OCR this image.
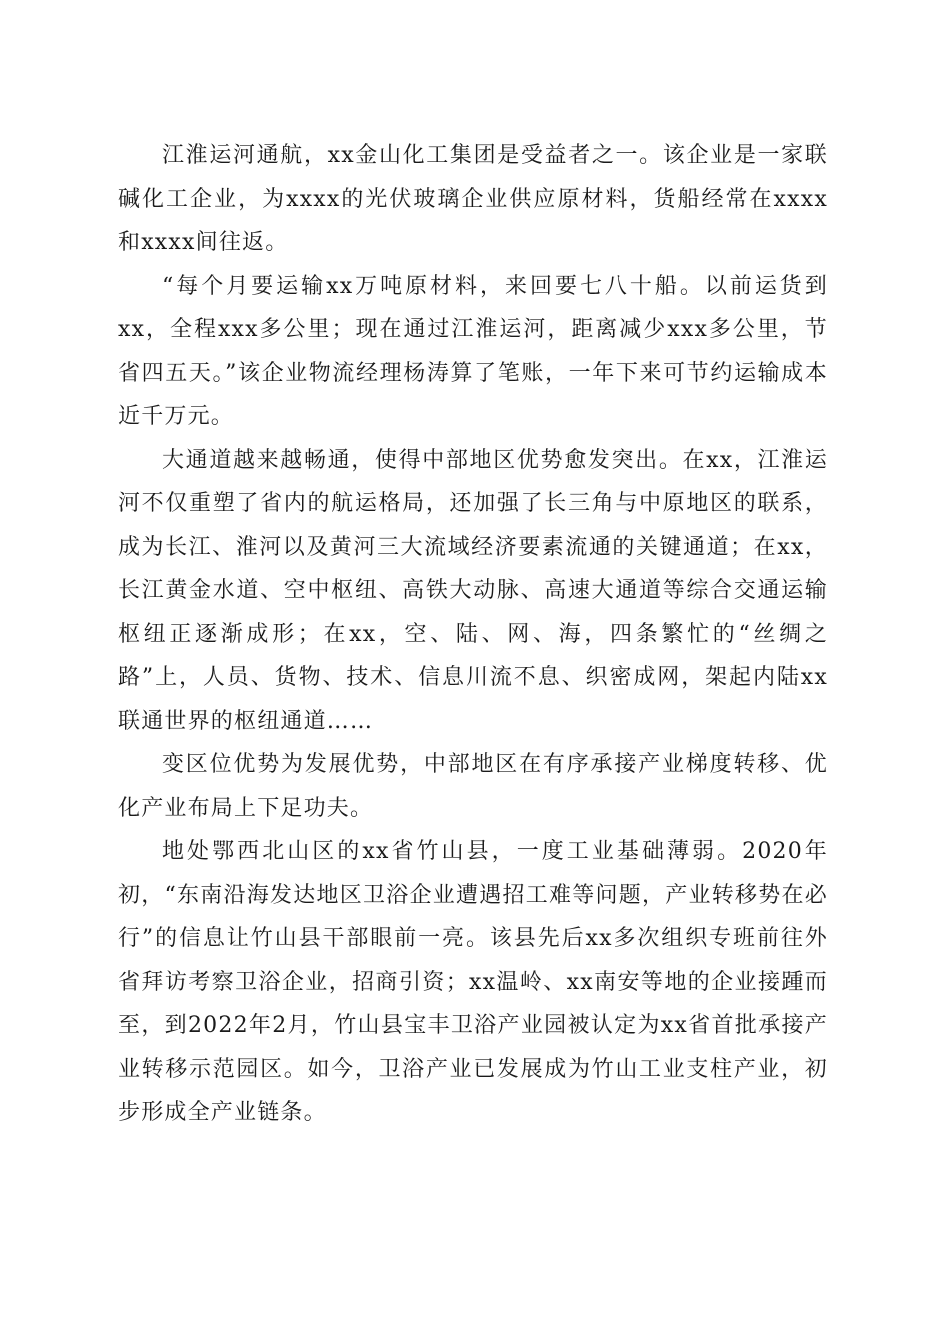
江淮运河通航，xx金山化工集团是受益者之一。该企业是一家联碱化工企业，为xxxx的光伏玻璃企业供应原材料，货船经常在xxxx和xxxx间往返。

“每个月要运输xx万吨原材料，来回要七八十船。以前运货到xx，全程xxx多公里；现在通过江淮运河，距离减少xxx多公里，节省四五天。”该企业物流经理杨涛算了笔账，一年下来可节约运输成本近千万元。

大通道越来越畅通，使得中部地区优势愈发突出。在xx，江淮运河不仅重塑了省内的航运格局，还加强了长三角与中原地区的联系，成为长江、淮河以及黄河三大流域经济要素流通的关键通道；在xx，长江黄金水道、空中枢纽、高铁大动脉、高速大通道等综合交通运输枢纽正逐渐成形；在xx，空、陆、网、海，四条繁忙的“丝绸之路”上，人员、货物、技术、信息川流不息、织密成网，架起内陆xx联通世界的枢纽通道……

变区位优势为发展优势，中部地区在有序承接产业梯度转移、优化产业布局上下足功夫。

地处鄂西北山区的xx省竹山县，一度工业基础薄弱。2020年初，“东南沿海发达地区卫浴企业遭遇招工难等问题，产业转移势在必行”的信息让竹山县干部眼前一亮。该县先后xx多次组织专班前往外省拜访考察卫浴企业，招商引资；xx温岭、xx南安等地的企业接踵而至，到2022年2月，竹山县宝丰卫浴产业园被认定为xx省首批承接产业转移示范园区。如今，卫浴产业已发展成为竹山工业支柱产业，初步形成全产业链条。
